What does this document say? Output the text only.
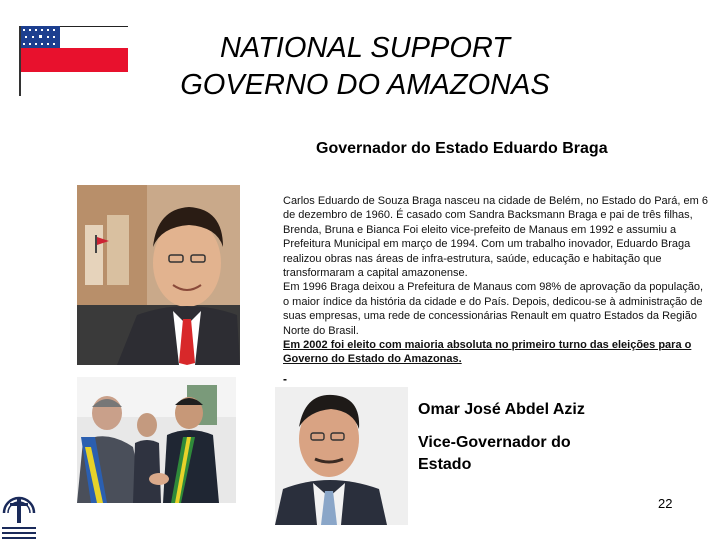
NATIONAL SUPPORT
GOVERNO DO AMAZONAS
Governador do Estado Eduardo Braga

Carlos Eduardo de Souza Braga nasceu na cidade de Belém, no Estado do Pará, em 6 de dezembro de 1960. É casado com Sandra Backsmann Braga e pai de três filhas, Brenda, Bruna e Bianca Foi eleito vice-prefeito de Manaus em 1992 e assumiu a Prefeitura Municipal em março de 1994. Com um trabalho inovador, Eduardo Braga realizou obras nas áreas de infra-estrutura, saúde, educação e habitação que transformaram a capital amazonense.

Em 1996 Braga deixou a Prefeitura de Manaus com 98% de aprovação da população, o maior índice da história da cidade e do País. Depois, dedicou-se à administração de suas empresas, uma rede de concessionárias Renault em quatro Estados da Região Norte do Brasil.

Em 2002 foi eleito com maioria absoluta no primeiro turno das eleições para o Governo do Estado do Amazonas.

-
Omar José Abdel Aziz
Vice-Governador do Estado
22
